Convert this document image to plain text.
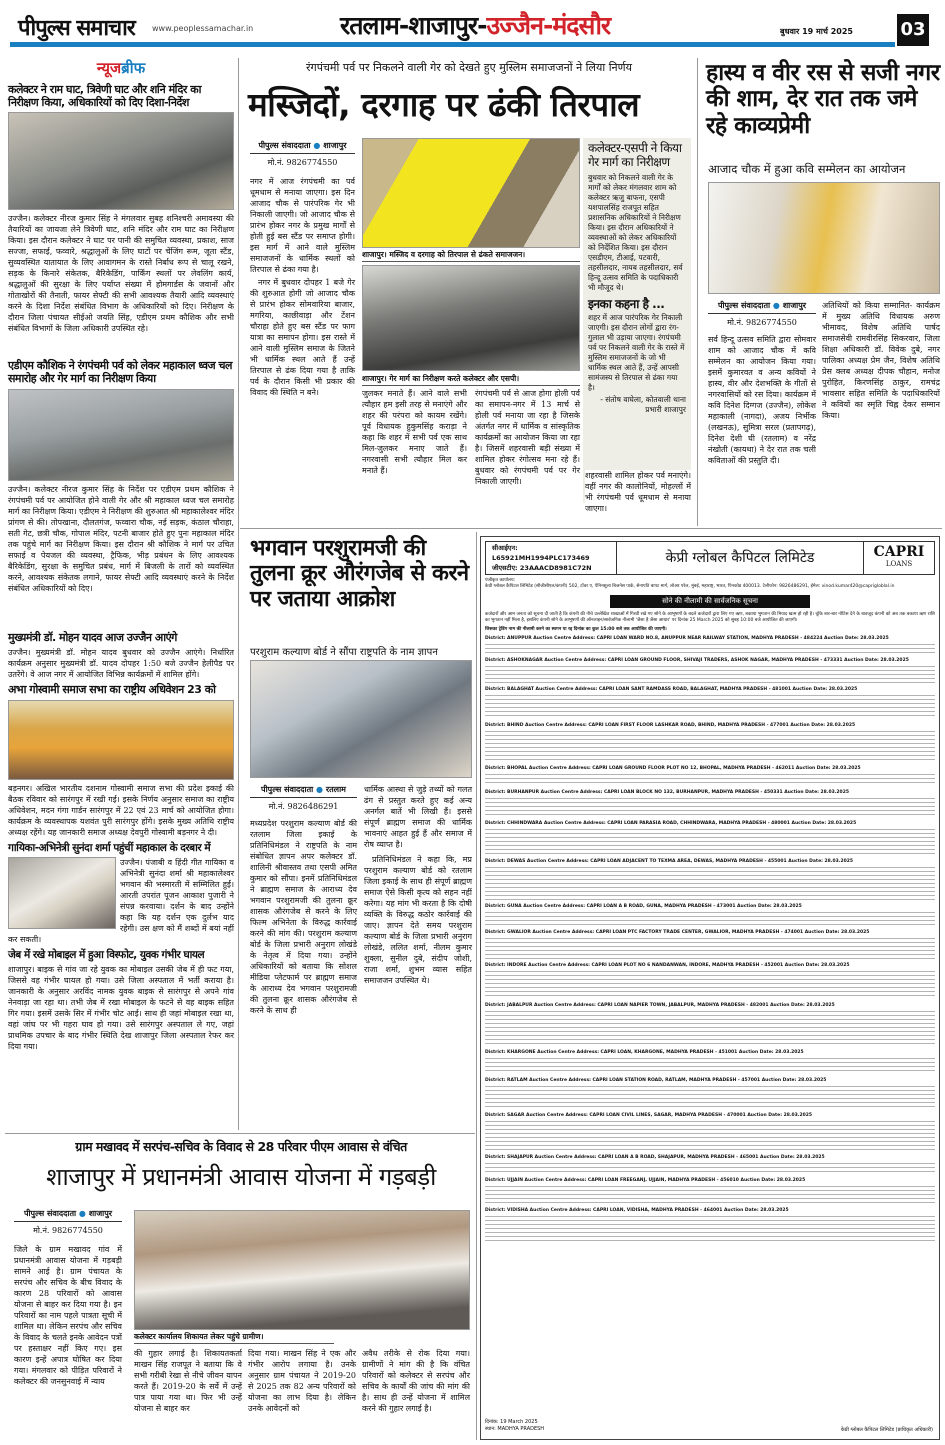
पीपुल्स समाचार www.peoplessamachar.in	रतलाम-शाजापुर-उज्जैन-मंदसौर	बुधवार 19 मार्च 2025	03
न्यूजब्रीफ
कलेक्टर ने राम घाट, त्रिवेणी घाट और शनि मंदिर का निरीक्षण किया, अधिकारियों को दिए दिशा-निर्देश
उज्जैन। कलेक्टर नीरज कुमार सिंह ने मंगलवार सुबह शनिश्चरी अमावस्या की तैयारियों का जायजा लेने त्रिवेणी घाट, शनि मंदिर और राम घाट का निरीक्षण किया। इस दौरान कलेक्टर ने घाट पर पानी की समुचित व्यवस्था, प्रकाश, साज सज्जा, सफाई, फव्वारे, श्रद्धालुओं के लिए घाटों पर चेंजिंग रूम, जूता स्टैंड, सुव्यवस्थित यातायात के लिए आवागमन के रास्ते निर्बाध रूप से चालू रखने, सड़क के किनारे संकेतक, बैरिकेडिंग, पार्किंग स्थलों पर लेवलिंग कार्य, श्रद्धालुओं की सुरक्षा के लिए पर्याप्त संख्या में होमगार्डस के जवानों और गोताखोरों की तैनाती, फायर सेफ्टी की सभी आवश्यक तैयारी आदि व्यवस्थाएं करने के दिशा निर्देश संबंधित विभाग के अधिकारियों को दिए। निरीक्षण के दौरान जिला पंचायत सीईओ जयति सिंह, एडीएम प्रथम कौशिक और सभी संबंधित विभागों के जिला अधिकारी उपस्थित रहे।
एडीएम कौशिक ने रंगपंचमी पर्व को लेकर महाकाल ध्वज चल समारोह और गेर मार्ग का निरीक्षण किया
उज्जैन। कलेक्टर नीरज कुमार सिंह के निर्देश पर एडीएम प्रथम कौशिक ने रंगपंचमी पर्व पर आयोजित होने वाली गेर और श्री महाकाल ध्वज चल समारोह मार्ग का निरीक्षण किया। एडीएम ने निरीक्षण की शुरुआत श्री महाकालेश्वर मंदिर प्रांगण से की। तोपखाना, दौलतगंज, फव्वारा चौक, नई सड़क, कंठाल चौराहा, सती गेट, छत्री चौक, गोपाल मंदिर, पटनी बाजार होते हुए पुनः महाकाल मंदिर तक पहुंचे मार्ग का निरीक्षण किया। इस दौरान श्री कौशिक ने मार्ग पर उचित सफाई व पेयजल की व्यवस्था, ट्रैफिक, भीड़ प्रबंधन के लिए आवश्यक बैरिकेडिंग, सुरक्षा के समुचित प्रबंध, मार्ग में बिजली के तारों को व्यवस्थित करने, आवश्यक संकेतक लगाने, फायर सेफ्टी आदि व्यवस्थाएं करने के निर्देश संबंधित अधिकारियों को दिए।
मुख्यमंत्री डॉ. मोहन यादव आज उज्जैन आएंगे
उज्जैन। मुख्यमंत्री डॉ. मोहन यादव बुधवार को उज्जैन आएंगे। निर्धारित कार्यक्रम अनुसार मुख्यमंत्री डॉ. यादव दोपहर 1:50 बजे उज्जैन हेलीपैड पर उतरेंगे। वे आज नगर में आयोजित विभिन्न कार्यक्रमों में शामिल होंगे।
अभा गोस्वामी समाज सभा का राष्ट्रीय अधिवेशन 23 को
बड़नगर। अखिल भारतीय दशनाम गोस्वामी समाज सभा की प्रदेश इकाई की बैठक रविवार को सारंगपुर में रखी गई। इसके निर्णय अनुसार समाज का राष्ट्रीय अधिवेशन, मदन गंगा गार्डन सारंगपुर में 22 एवं 23 मार्च को आयोजित होगा। कार्यक्रम के व्यवस्थापक यशवंत पुरी सारंगपुर होंगे। इसके मुख्य अतिथि राष्ट्रीय अध्यक्ष रहेंगे। यह जानकारी समाज अध्यक्ष देवपुरी गोस्वामी बड़नगर ने दी।
गायिका-अभिनेत्री सुनंदा शर्मा पहुंचीं महाकाल के दरबार में
उज्जैन। पंजाबी व हिंदी गीत गायिका व अभिनेत्री सुनंदा शर्मा श्री महाकालेश्वर भगवान की भस्मारती में सम्मिलित हुईं। आरती उपरांत पूजन आकाश पुजारी ने संपन्न करवाया। दर्शन के बाद उन्होंने कहा कि यह दर्शन एक दुर्लभ याद रहेगी। उस क्षण को मैं शब्दों में बयां नहीं कर सकती।
जेब में रखे मोबाइल में हुआ विस्फोट, युवक गंभीर घायल
शाजापुर। बाइक से गांव जा रहे युवक का मोबाइल उसकी जेब में ही फट गया, जिससे वह गंभीर घायल हो गया। उसे जिला अस्पताल में भर्ती कराया है। जानकारी के अनुसार अरविंद नामक युवक बाइक से सारंगपुर से अपने गांव नेनवाड़ा जा रहा था। तभी जेब में रखा मोबाइल के फटने से वह बाइक सहित गिर गया। इसमें उसके सिर में गंभीर चोट आई। साथ ही जहां मोबाइल रखा था, वहां जांघ पर भी गहरा घाव हो गया। उसे सारंगपुर अस्पताल ले गए, जहां प्राथमिक उपचार के बाद गंभीर स्थिति देख शाजापुर जिला अस्पताल रेफर कर दिया गया।
रंगपंचमी पर्व पर निकलने वाली गेर को देखते हुए मुस्लिम समाजजनों ने लिया निर्णय
मस्जिदों, दरगाह पर ढंकी तिरपाल
पीपुल्स संवाददाता ● शाजापुर
मो.नं. 9826774550
नगर में आज रंगपंचमी का पर्व धूमधाम से मनाया जाएगा। इस दिन आजाद चौक से पारंपरिक गेर भी निकाली जाएगी। जो आजाद चौक से प्रारंभ होकर नगर के प्रमुख मार्गों से होती हुई बस स्टैंड पर समाप्त होगी। इस मार्ग में आने वाले मुस्लिम समाजजनों के धार्मिक स्थलों को तिरपाल से ढंका गया है।
नगर में बुधवार दोपहर 1 बजे गेर की शुरुआत होगी जो आजाद चौक से प्रारंभ होकर सोमवारिया बाजार, मगरिया, काछीवाड़ा और टेंशन चौराहा होते हुए बस स्टैंड पर फाग यात्रा का समापन होगा। इस रास्ते में आने वाली मुस्लिम समाज के जितने भी धार्मिक स्थल आते हैं उन्हें तिरपाल से ढंक दिया गया है ताकि पर्व के दौरान किसी भी प्रकार की विवाद की स्थिति न बने।
शाजापुर। मस्जिद व दरगाह को तिरपाल से ढंकते समाजजन।
शाजापुर। गेर मार्ग का निरीक्षण करते कलेक्टर और एसपी।
जुलकर मनाते हैं। आने वाले सभी त्यौहार हम इसी तरह से मनाएंगे और शहर की परंपरा को कायम रखेंगे। पूर्व विधायक हुकुमसिंह कराड़ा ने कहा कि शहर में सभी पर्व एक साथ मिल-जुलकर मनाए जाते हैं। नगरवासी सभी त्यौहार मिल कर मनाते हैं।
रंगपंचमी पर्व से आज होगा होली पर्व का समापन-नगर में 13 मार्च से होली पर्व मनाया जा रहा है जिसके अंतर्गत नगर में धार्मिक व सांस्कृतिक कार्यक्रमों का आयोजन किया जा रहा है। जिसमें शहरवासी बड़ी संख्या में शामिल होकर रंगोत्सव मना रहे हैं। बुधवार को रंगपंचमी पर्व पर गेर निकाली जाएगी।
कलेक्टर-एसपी ने किया गेर मार्ग का निरीक्षण
बुधवार को निकलने वाली गेर के मार्गों को लेकर मंगलवार शाम को कलेक्टर ऋजु बाफना, एसपी यशपालसिंह राजपूत सहित प्रशासनिक अधिकारियों ने निरीक्षण किया। इस दौरान अधिकारियों ने व्यवस्थाओं को लेकर अधिकारियों को निर्देशित किया। इस दौरान एसडीएम, टीआई, पटवारी, तहसीलदार, नायब तहसीलदार, सर्व हिन्दू उत्सव समिति के पदाधिकारी भी मौजूद थे।
इनका कहना है ...
शहर में आज पारंपरिक गेर निकाली जाएगी। इस दौरान लोगों द्वारा रंग-गुलाल भी उड़ाया जाएगा। रंगपंचमी पर्व पर निकलने वाली गेर के रास्ते में मुस्लिम समाजजनों के जो भी धार्मिक स्थल आते हैं, उन्हें आपसी सामंजस्य से तिरपाल से ढंका गया है।
- संतोष वाघेला, कोतवाली थाना प्रभारी शाजापुर
शहरवासी शामिल होकर पर्व मनाएंगे। वहीं नगर की कालोनियों, मोहल्लों में भी रंगपंचमी पर्व धूमधाम से मनाया जाएगा।
हास्य व वीर रस से सजी नगर की शाम, देर रात तक जमे रहे काव्यप्रेमी
आजाद चौक में हुआ कवि सम्मेलन का आयोजन
पीपुल्स संवाददाता ● शाजापुर
मो.नं. 9826774550
सर्व हिन्दू उत्सव समिति द्वारा सोमवार शाम को आजाद चौक में कवि सम्मेलन का आयोजन किया गया। इसमें कुमारवत व अन्य कवियों ने हास्य, वीर और देशभक्ति के गीतों से नगरवासियों को रस दिया। कार्यक्रम में कवि दिनेश दिग्गज (उज्जैन), लोकेश महाकाली (नागदा), अजय निर्भीक (लखनऊ), सुमित्रा सरल (प्रतापगढ़), दिनेश देशी घी (रतलाम) व नरेंद्र नंखोती (कायथा) ने देर रात तक चली कविताओं की प्रस्तुति दी।
अतिथियों को किया सम्मानित- कार्यक्रम में मुख्य अतिथि विधायक अरुण भीमावद, विशेष अतिथि पार्षद समाजसेवी रामवीरसिंह सिकरवार, जिला शिक्षा अधिकारी डॉ. विवेक दुबे, नगर पालिका अध्यक्ष प्रेम जैन, विशेष अतिथि प्रेस क्लब अध्यक्ष दीपक चौहान, मनोज पुरोहित, किरणसिंह ठाकुर, रामचंद्र भावसार सहित समिति के पदाधिकारियों ने कवियों का स्मृति चिह्न देकर सम्मान किया।
भगवान परशुरामजी की तुलना क्रूर औरंगजेब से करने पर जताया आक्रोश
परशुराम कल्याण बोर्ड ने सौंपा राष्ट्रपति के नाम ज्ञापन
पीपुल्स संवाददाता ● रतलाम
मो.नं. 9826486291
मध्यप्रदेश परशुराम कल्याण बोर्ड की रतलाम जिला इकाई के प्रतिनिधिमंडल ने राष्ट्रपति के नाम संबोधित ज्ञापन अपर कलेक्टर डॉ. शालिनी श्रीवास्तव तथा एसपी अमित कुमार को सौंपा। इनमें प्रतिनिधिमंडल ने ब्राह्मण समाज के आराध्य देव भगवान परशुरामजी की तुलना क्रूर शासक औरंगजेब से करने के लिए फिल्म अभिनेता के विरुद्ध कार्रवाई करने की मांग की। परशुराम कल्याण बोर्ड के जिला प्रभारी अनुराग लोखंडे के नेतृत्व में दिया गया। उन्होंने अधिकारियों को बताया कि सोशल मीडिया प्लेटफार्म पर ब्राह्मण समाज के आराध्य देव भगवान परशुरामजी की तुलना क्रूर शासक औरंगजेब से करने के साथ ही
धार्मिक आस्था से जुड़े तथ्यों को गलत ढंग से प्रस्तुत करते हुए कई अन्य अनर्गल बातें भी लिखी हैं। इससे संपूर्ण ब्राह्मण समाज की धार्मिक भावनाएं आहत हुई हैं और समाज में रोष व्याप्त है।
प्रतिनिधिमंडल ने कहा कि, मप्र परशुराम कल्याण बोर्ड को रतलाम जिला इकाई के साथ ही संपूर्ण ब्राह्मण समाज ऐसे किसी कृत्य को सहन नहीं करेगा। यह मांग भी करता है कि दोषी व्यक्ति के विरुद्ध कठोर कार्रवाई की जाए। ज्ञापन देते समय परशुराम कल्याण बोर्ड के जिला प्रभारी अनुराग लोखंडे, ललित शर्मा, नीलम कुमार शुक्ला, सुनील दुबे, संदीप जोशी, राजा शर्मा, शुभम व्यास सहित समाजजन उपस्थित थे।
सीआईएन: L65921MH1994PLC173469
जीएसटीए: 23AAACD8981C72N
केप्री ग्लोबल कैपिटल लिमिटेड	CAPRI
LOANS
पंजीकृत कार्यालय:
केप्री ग्लोबल कैपिटल लिमिटेड (सीजीसीएल/कंपनी) 502, टॉवर ए, पेनिनसुला बिजनेस पार्क, सेनापति बापट मार्ग, लोअर परेल, मुंबई, महाराष्ट्र, भारत, पिनकोड 400013. टेलीफोन: 9826486291, ईमेल: vinod.kumar420@caprigloblal.in
सोने की नीलामी की सार्वजनिक सूचना
कर्जदारों और आम जनता को सूचना दी जाती है कि कंपनी की नीचे उल्लेखित शाखाओं में गिरवी रखे गए सोने के आभूषणों के बदले कर्जदारों द्वारा लिए गए ऋण, बकाया भुगतान की मियाद खत्म हो रही है। चूंकि बार-बार नोटिस देने के बावजूद कंपनी को अब तक बकाया ऋण राशि का भुगतान नहीं मिला है, इसलिए कंपनी सोने के आभूषणों की ऑनलाइन/सार्वजनिक नीलामी 'जैसा है जैसा आधार' पर दिनांक 25 March 2025 को सुबह 10:00 बजे आयोजित की जाएगी।
जिसका ट्रेडिंग नाम की नीलामी करने का स्थगन या रद्द दिनांक का कुल 15:00 बजे तक आयोजित की जाएगी।
District: ANUPPUR Auction Centre Address: CAPRI LOAN WARD NO.8, ANUPPUR NEAR RAILWAY STATION, MADHYA PRADESH - 484224 Auction Date: 28.03.2025
District: ASHOKNAGAR Auction Centre Address: CAPRI LOAN GROUND FLOOR, SHIVAJI TRADERS, ASHOK NAGAR, MADHYA PRADESH - 473331 Auction Date: 28.03.2025
District: BALAGHAT Auction Centre Address: CAPRI LOAN SANT RAMDASS ROAD, BALAGHAT, MADHYA PRADESH - 481001 Auction Date: 28.03.2025
District: BHIND Auction Centre Address: CAPRI LOAN FIRST FLOOR LASHKAR ROAD, BHIND, MADHYA PRADESH - 477001 Auction Date: 28.03.2025
District: BHOPAL Auction Centre Address: CAPRI LOAN GROUND FLOOR PLOT NO 12, BHOPAL, MADHYA PRADESH - 462011 Auction Date: 28.03.2025
District: BURHANPUR Auction Centre Address: CAPRI LOAN BLOCK NO 132, BURHANPUR, MADHYA PRADESH - 450331 Auction Date: 28.03.2025
District: CHHINDWARA Auction Centre Address: CAPRI LOAN PARASIA ROAD, CHHINDWARA, MADHYA PRADESH - 480001 Auction Date: 28.03.2025
District: DEWAS Auction Centre Address: CAPRI LOAN ADJACENT TO TEXMA AREA, DEWAS, MADHYA PRADESH - 455001 Auction Date: 28.03.2025
District: GUNA Auction Centre Address: CAPRI LOAN A B ROAD, GUNA, MADHYA PRADESH - 473001 Auction Date: 28.03.2025
District: GWALIOR Auction Centre Address: CAPRI LOAN PTC FACTORY TRADE CENTER, GWALIOR, MADHYA PRADESH - 474001 Auction Date: 28.03.2025
District: INDORE Auction Centre Address: CAPRI LOAN PLOT NO 6 NANDANWAN, INDORE, MADHYA PRADESH - 452001 Auction Date: 28.03.2025
District: JABALPUR Auction Centre Address: CAPRI LOAN NAPIER TOWN, JABALPUR, MADHYA PRADESH - 482001 Auction Date: 28.03.2025
District: KHARGONE Auction Centre Address: CAPRI LOAN, KHARGONE, MADHYA PRADESH - 451001 Auction Date: 28.03.2025
District: RATLAM Auction Centre Address: CAPRI LOAN STATION ROAD, RATLAM, MADHYA PRADESH - 457001 Auction Date: 28.03.2025
District: SAGAR Auction Centre Address: CAPRI LOAN CIVIL LINES, SAGAR, MADHYA PRADESH - 470001 Auction Date: 28.03.2025
District: SHAJAPUR Auction Centre Address: CAPRI LOAN A B ROAD, SHAJAPUR, MADHYA PRADESH - 465001 Auction Date: 28.03.2025
District: UJJAIN Auction Centre Address: CAPRI LOAN FREEGANJ, UJJAIN, MADHYA PRADESH - 456010 Auction Date: 28.03.2025
District: VIDISHA Auction Centre Address: CAPRI LOAN, VIDISHA, MADHYA PRADESH - 464001 Auction Date: 28.03.2025
दिनांक: 19 March 2025
स्थान: MADHYA PRADESH	केप्री ग्लोबल कैपिटल लिमिटेड (प्राधिकृत अधिकारी)
ग्राम मखावद में सरपंच-सचिव के विवाद से 28 परिवार पीएम आवास से वंचित
शाजापुर में प्रधानमंत्री आवास योजना में गड़बड़ी
पीपुल्स संवाददाता ● शाजापुर
मो.नं. 9826774550
जिले के ग्राम मखावद गांव में प्रधानमंत्री आवास योजना में गड़बड़ी सामने आई है। ग्राम पंचायत के सरपंच और सचिव के बीच विवाद के कारण 28 परिवारों को आवास योजना से बाहर कर दिया गया है। इन परिवारों का नाम पहले पात्रता सूची में शामिल था। लेकिन सरपंच और सचिव के विवाद के चलते इनके आवेदन पत्रों पर हस्ताक्षर नहीं किए गए। इस कारण इन्हें अपात्र घोषित कर दिया गया। मंगलवार को पीड़ित परिवारों ने कलेक्टर की जनसुनवाई में न्याय
कलेक्टर कार्यालय शिकायत लेकर पहुंचे ग्रामीण।
की गुहार लगाई है। शिकायतकर्ता माखन सिंह राजपूत ने बताया कि वे सभी गरीबी रेखा से नीचे जीवन यापन करते हैं। 2019-20 के सर्वे में उन्हें पात्र पाया गया था। फिर भी उन्हें योजना से बाहर कर
दिया गया। माखन सिंह ने एक और गंभीर आरोप लगाया है। उनके अनुसार ग्राम पंचायत ने 2019-20 से 2025 तक 82 अन्य परिवारों को योजना का लाभ दिया है। लेकिन उनके आवेदनों को
अवैध तरीके से रोक दिया गया। ग्रामीणों ने मांग की है कि वंचित परिवारों को कलेक्टर से सरपंच और सचिव के कार्यों की जांच की मांग की है। साथ ही उन्हें योजना में शामिल करने की गुहार लगाई है।
